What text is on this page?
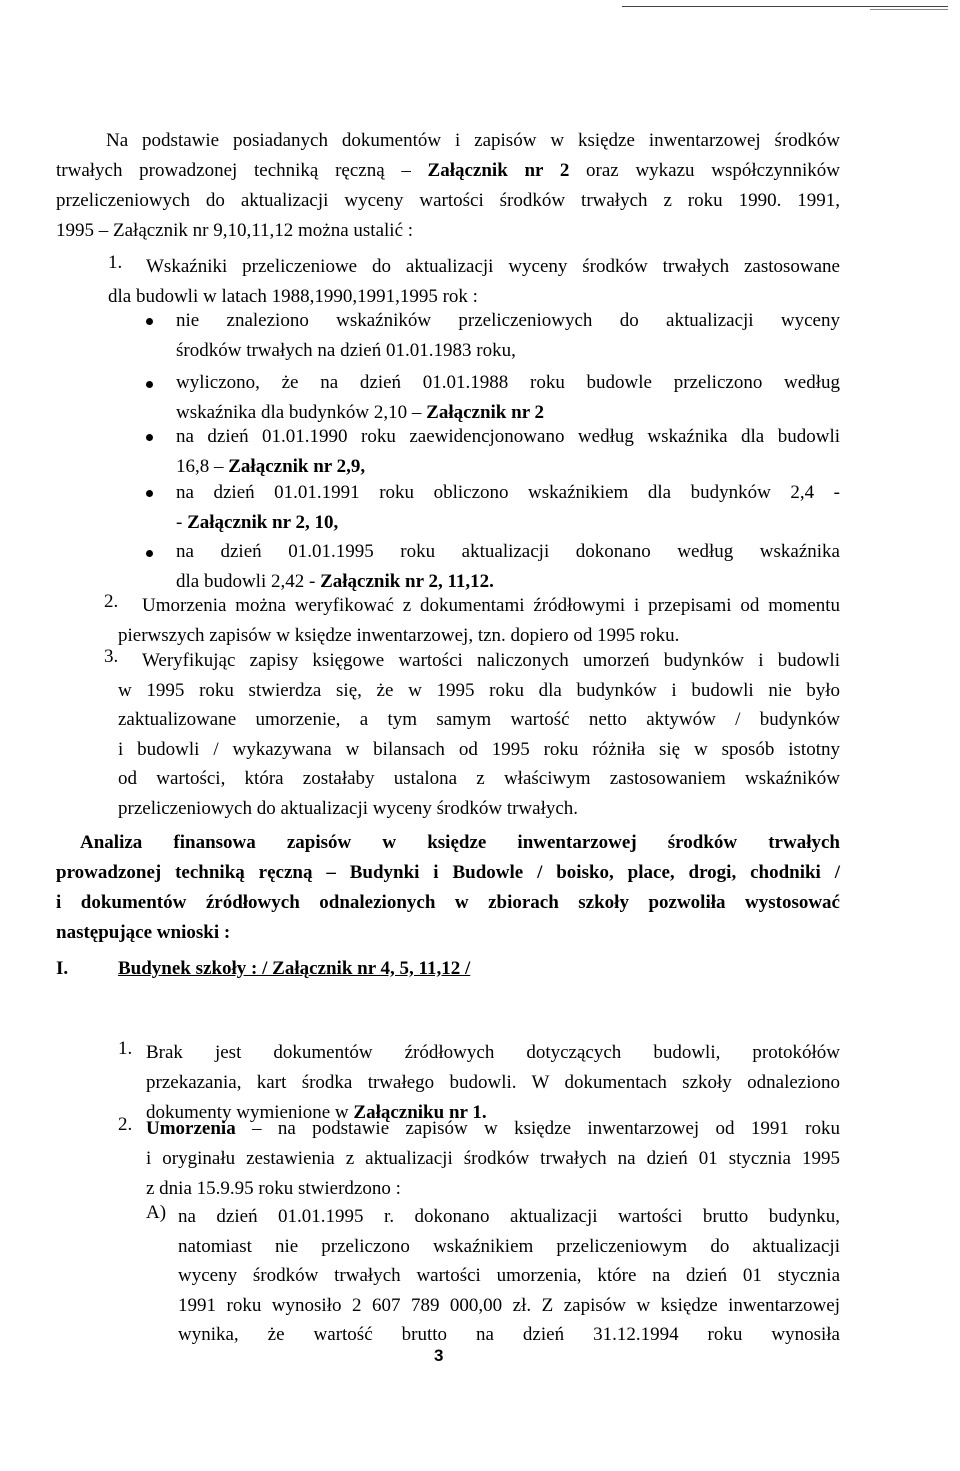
Na podstawie posiadanych dokumentów i zapisów w księdze inwentarzowej środków
trwałych prowadzonej techniką ręczną – Załącznik nr 2 oraz wykazu współczynników
przeliczeniowych do aktualizacji wyceny wartości środków trwałych z roku 1990. 1991,
1995 – Załącznik nr 9,10,11,12 można ustalić :
1. Wskaźniki przeliczeniowe do aktualizacji wyceny środków trwałych zastosowane
dla budowli w latach 1988,1990,1991,1995 rok :
nie znaleziono wskaźników przeliczeniowych do aktualizacji wyceny
środków trwałych na dzień 01.01.1983 roku,
wyliczono, że na dzień 01.01.1988 roku budowle przeliczono według
wskaźnika dla budynków 2,10 – Załącznik nr 2
na dzień 01.01.1990 roku zaewidencjonowano według wskaźnika dla budowli
16,8 – Załącznik nr 2,9,
na dzień 01.01.1991 roku obliczono wskaźnikiem dla budynków 2,4 -
- Załącznik nr 2, 10,
na dzień 01.01.1995 roku aktualizacji dokonano według wskaźnika
dla budowli 2,42 - Załącznik nr 2, 11,12.
2. Umorzenia można weryfikować z dokumentami źródłowymi i przepisami od momentu
pierwszych zapisów w księdze inwentarzowej, tzn. dopiero od 1995 roku.
3. Weryfikując zapisy księgowe wartości naliczonych umorzeń budynków i budowli
w 1995 roku stwierdza się, że w 1995 roku dla budynków i budowli nie było
zaktualizowane umorzenie, a tym samym wartość netto aktywów / budynków
i budowli / wykazywana w bilansach od 1995 roku różniła się w sposób istotny
od wartości, która zostałaby ustalona z właściwym zastosowaniem wskaźników
przeliczeniowych do aktualizacji wyceny środków trwałych.
Analiza finansowa zapisów w księdze inwentarzowej środków trwałych
prowadzonej techniką ręczną – Budynki i Budowle / boisko, place, drogi, chodniki /
i dokumentów źródłowych odnalezionych w zbiorach szkoły pozwoliła wystosować
następujące wnioski :
I.	Budynek szkoły : / Załącznik nr 4, 5, 11,12 /
1. Brak jest dokumentów źródłowych dotyczących budowli, protokółów
przekazania, kart środka trwałego budowli. W dokumentach szkoły odnaleziono
dokumenty wymienione w Załączniku nr 1.
2. Umorzenia – na podstawie zapisów w księdze inwentarzowej od 1991 roku
i oryginału zestawienia z aktualizacji środków trwałych na dzień 01 stycznia 1995
z dnia 15.9.95 roku stwierdzono :
A) na dzień 01.01.1995 r. dokonano aktualizacji wartości brutto budynku,
natomiast nie przeliczono wskaźnikiem przeliczeniowym do aktualizacji
wyceny środków trwałych wartości umorzenia, które na dzień 01 stycznia
1991 roku wynosiło 2 607 789 000,00 zł. Z zapisów w księdze inwentarzowej
wynika, że wartość brutto na dzień 31.12.1994 roku wynosiła
3
